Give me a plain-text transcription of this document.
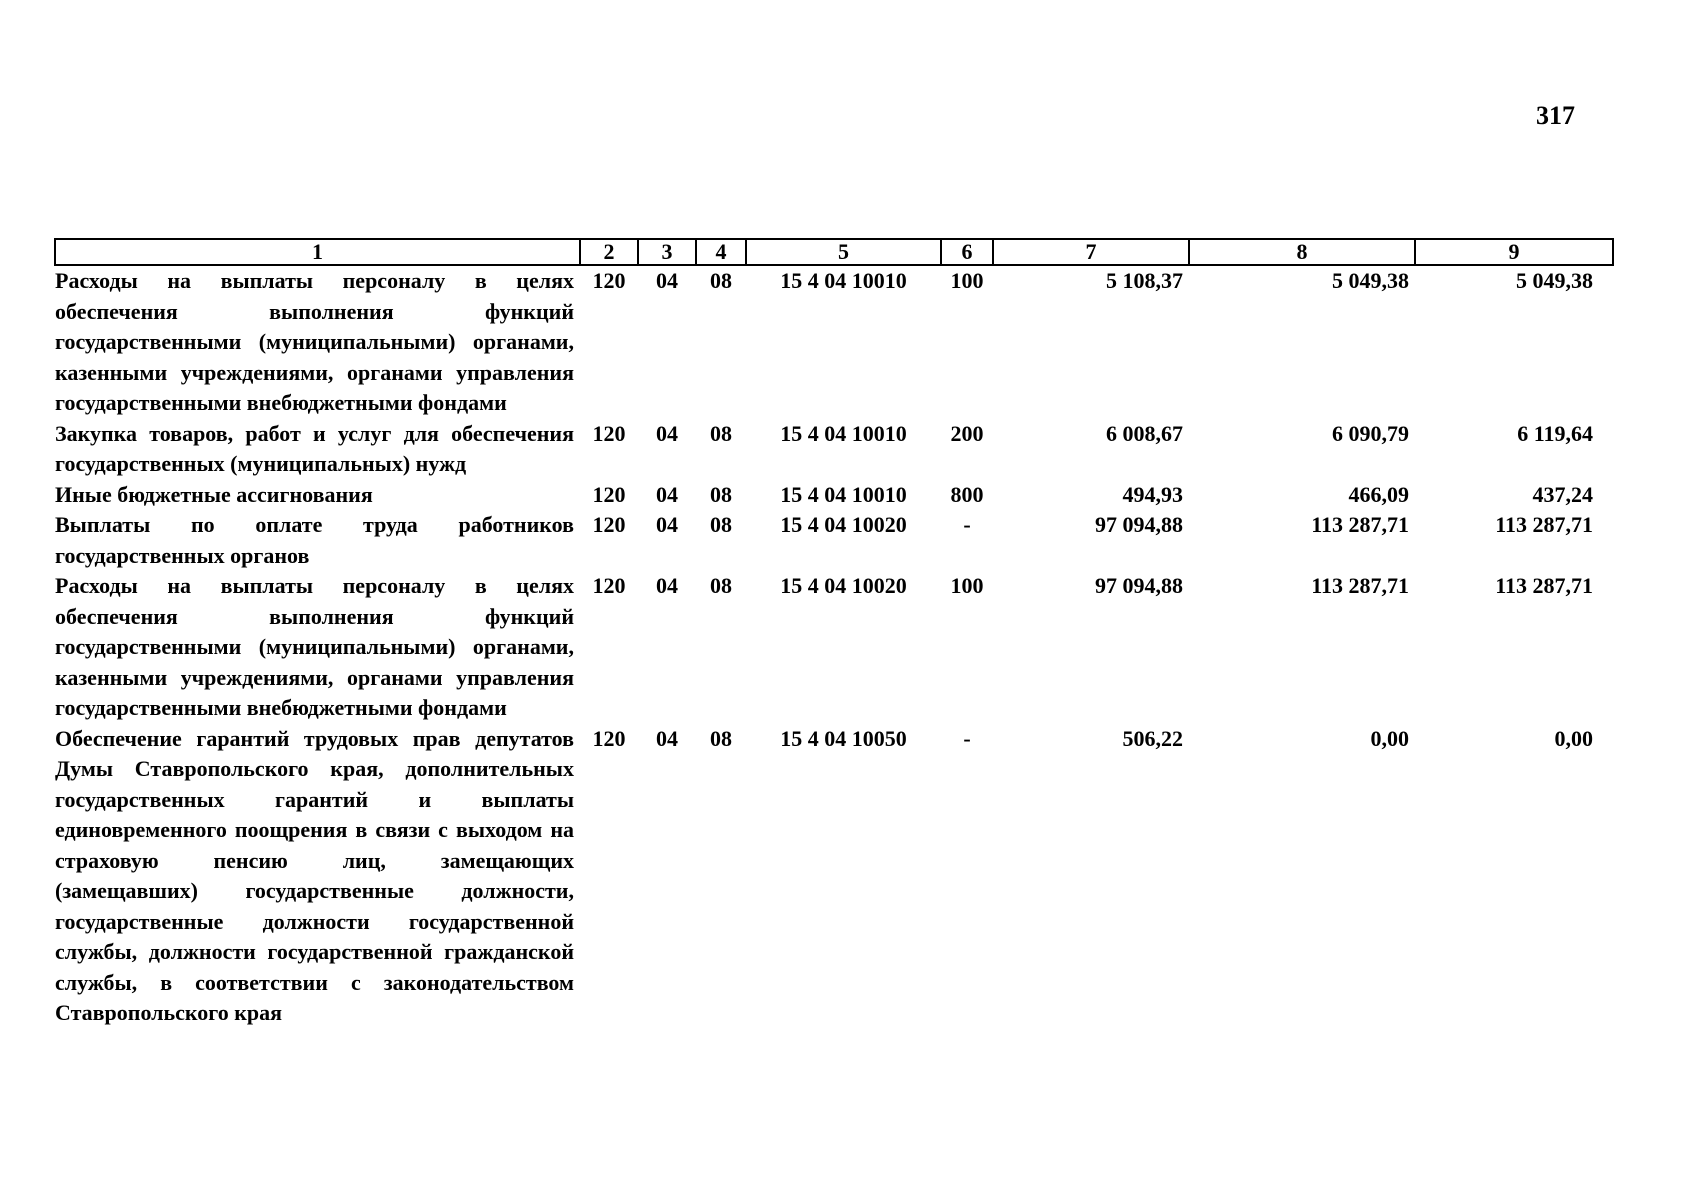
317
1	2	3	4	5	6	7	8	9
Расходы на выплаты персоналу в целях обеспечения выполнения функций государственными (муниципальными) органами, казенными учреждениями, органами управления государственными внебюджетными фондами	120	04	08	15 4 04 10010	100	5 108,37	5 049,38	5 049,38
Закупка товаров, работ и услуг для обеспечения государственных (муниципальных) нужд	120	04	08	15 4 04 10010	200	6 008,67	6 090,79	6 119,64
Иные бюджетные ассигнования	120	04	08	15 4 04 10010	800	494,93	466,09	437,24
Выплаты по оплате труда работников государственных органов	120	04	08	15 4 04 10020	-	97 094,88	113 287,71	113 287,71
Расходы на выплаты персоналу в целях обеспечения выполнения функций государственными (муниципальными) органами, казенными учреждениями, органами управления государственными внебюджетными фондами	120	04	08	15 4 04 10020	100	97 094,88	113 287,71	113 287,71
Обеспечение гарантий трудовых прав депутатов Думы Ставропольского края, дополнительных государственных гарантий и выплаты единовременного поощрения в связи с выходом на страховую пенсию лиц, замещающих (замещавших) государственные должности, государственные должности государственной службы, должности государственной гражданской службы, в соответствии с законодательством Ставропольского края	120	04	08	15 4 04 10050	-	506,22	0,00	0,00
